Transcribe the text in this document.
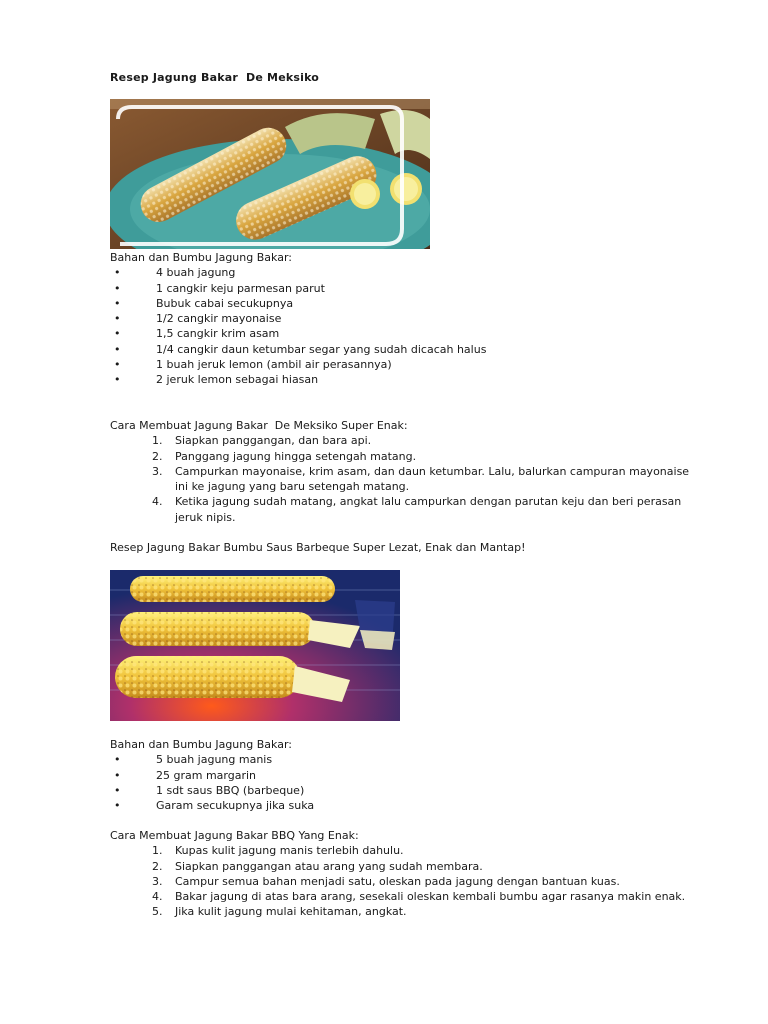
Resep Jagung Bakar  De Meksiko
Bahan dan Bumbu Jagung Bakar:
•	4 buah jagung
•	1 cangkir keju parmesan parut
•	Bubuk cabai secukupnya
•	1/2 cangkir mayonaise
•	1,5 cangkir krim asam
•	1/4 cangkir daun ketumbar segar yang sudah dicacah halus
•	1 buah jeruk lemon (ambil air perasannya)
•	2 jeruk lemon sebagai hiasan
Cara Membuat Jagung Bakar  De Meksiko Super Enak:
1. Siapkan panggangan, dan bara api.
2. Panggang jagung hingga setengah matang.
3. Campurkan mayonaise, krim asam, dan daun ketumbar. Lalu, balurkan campuran mayonaise ini ke jagung yang baru setengah matang.
4. Ketika jagung sudah matang, angkat lalu campurkan dengan parutan keju dan beri perasan jeruk nipis.
Resep Jagung Bakar Bumbu Saus Barbeque Super Lezat, Enak dan Mantap!
Bahan dan Bumbu Jagung Bakar:
•	5 buah jagung manis
•	25 gram margarin
•	1 sdt saus BBQ (barbeque)
•	Garam secukupnya jika suka
Cara Membuat Jagung Bakar BBQ Yang Enak:
1. Kupas kulit jagung manis terlebih dahulu.
2. Siapkan panggangan atau arang yang sudah membara.
3. Campur semua bahan menjadi satu, oleskan pada jagung dengan bantuan kuas.
4. Bakar jagung di atas bara arang, sesekali oleskan kembali bumbu agar rasanya makin enak.
5. Jika kulit jagung mulai kehitaman, angkat.
